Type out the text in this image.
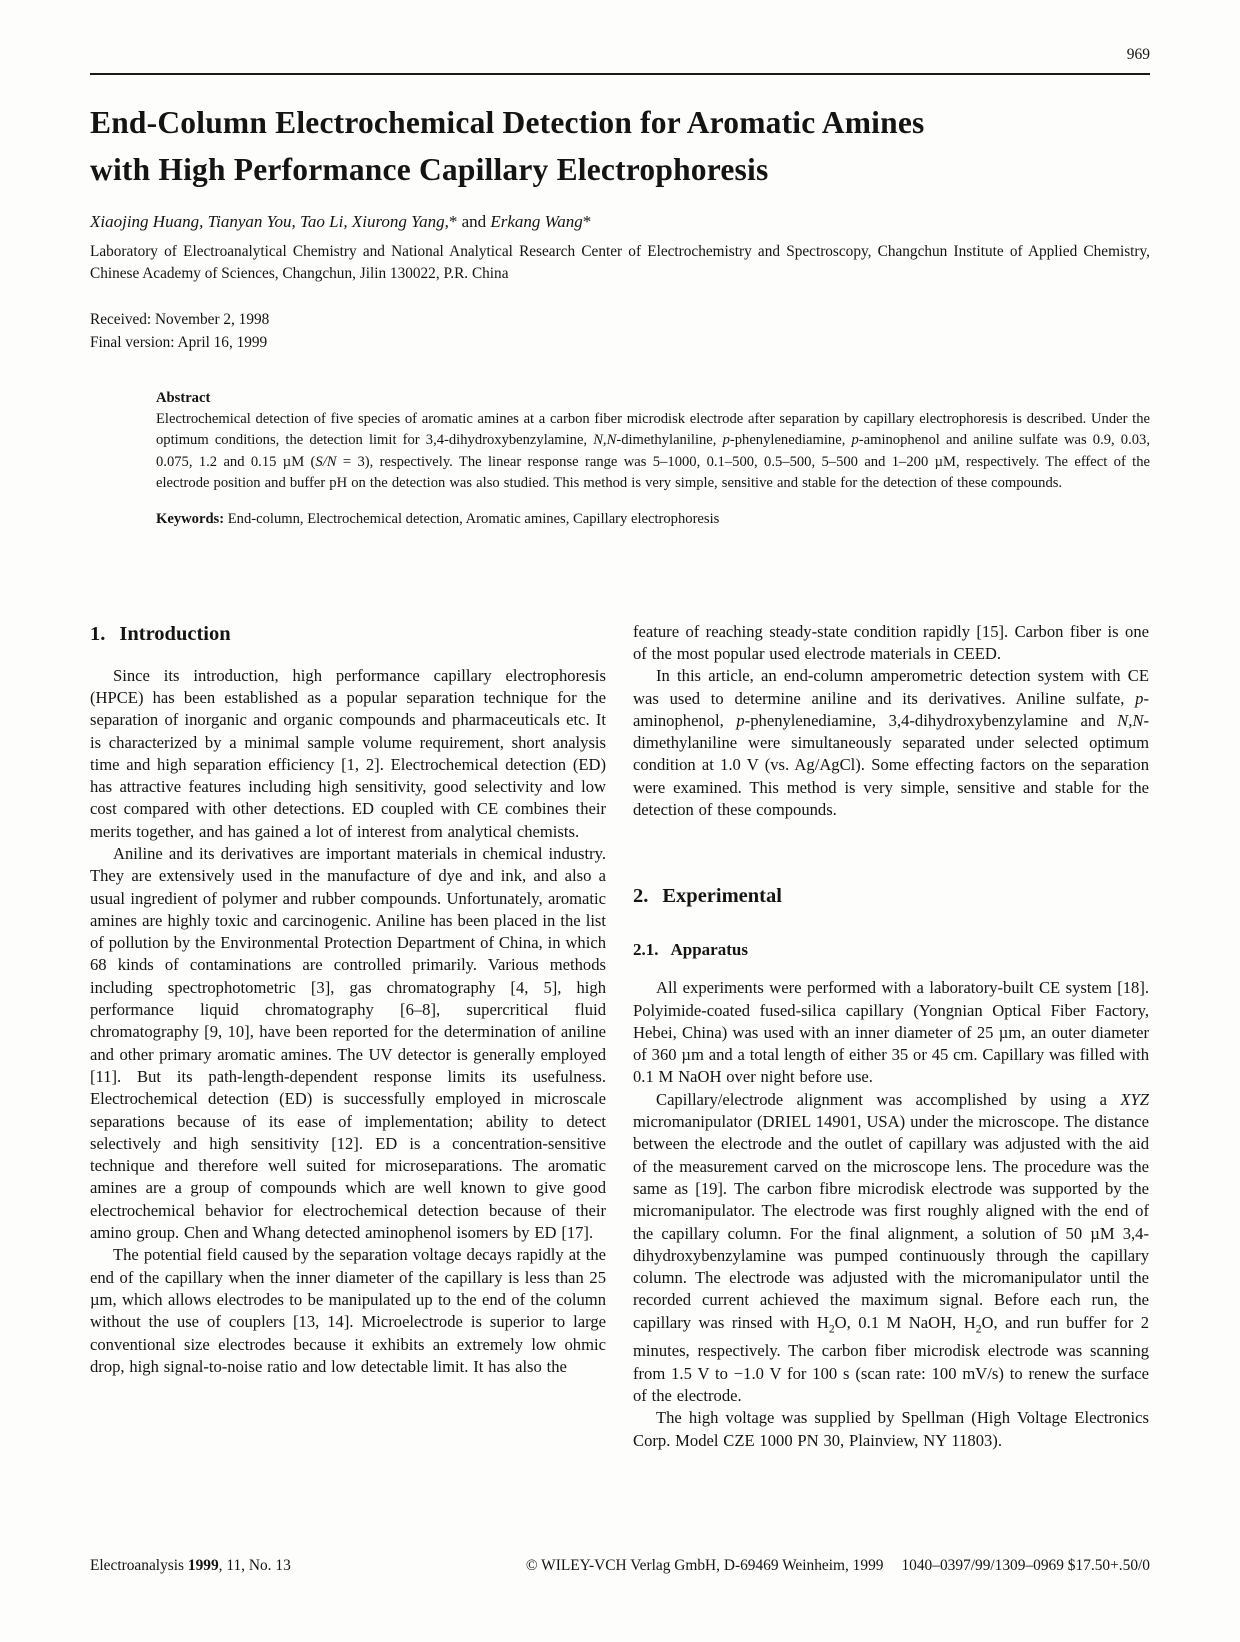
969
End-Column Electrochemical Detection for Aromatic Amines
with High Performance Capillary Electrophoresis
Xiaojing Huang, Tianyan You, Tao Li, Xiurong Yang,* and Erkang Wang*
Laboratory of Electroanalytical Chemistry and National Analytical Research Center of Electrochemistry and Spectroscopy, Changchun Institute of Applied Chemistry, Chinese Academy of Sciences, Changchun, Jilin 130022, P.R. China
Received: November 2, 1998
Final version: April 16, 1999

Abstract

Electrochemical detection of five species of aromatic amines at a carbon fiber microdisk electrode after separation by capillary electrophoresis is described. Under the optimum conditions, the detection limit for 3,4-dihydroxybenzylamine, N,N-dimethylaniline, p-phenylenediamine, p-aminophenol and aniline sulfate was 0.9, 0.03, 0.075, 1.2 and 0.15 µM (S/N = 3), respectively. The linear response range was 5–1000, 0.1–500, 0.5–500, 5–500 and 1–200 µM, respectively. The effect of the electrode position and buffer pH on the detection was also studied. This method is very simple, sensitive and stable for the detection of these compounds.

Keywords: End-column, Electrochemical detection, Aromatic amines, Capillary electrophoresis

1. Introduction

Since its introduction, high performance capillary electrophoresis (HPCE) has been established as a popular separation technique for the separation of inorganic and organic compounds and pharmaceuticals etc. It is characterized by a minimal sample volume requirement, short analysis time and high separation efficiency [1, 2]. Electrochemical detection (ED) has attractive features including high sensitivity, good selectivity and low cost compared with other detections. ED coupled with CE combines their merits together, and has gained a lot of interest from analytical chemists.

Aniline and its derivatives are important materials in chemical industry. They are extensively used in the manufacture of dye and ink, and also a usual ingredient of polymer and rubber compounds. Unfortunately, aromatic amines are highly toxic and carcinogenic. Aniline has been placed in the list of pollution by the Environmental Protection Department of China, in which 68 kinds of contaminations are controlled primarily. Various methods including spectrophotometric [3], gas chromatography [4, 5], high performance liquid chromatography [6–8], supercritical fluid chromatography [9, 10], have been reported for the determination of aniline and other primary aromatic amines. The UV detector is generally employed [11]. But its path-length-dependent response limits its usefulness. Electrochemical detection (ED) is successfully employed in microscale separations because of its ease of implementation; ability to detect selectively and high sensitivity [12]. ED is a concentration-sensitive technique and therefore well suited for microseparations. The aromatic amines are a group of compounds which are well known to give good electrochemical behavior for electrochemical detection because of their amino group. Chen and Whang detected aminophenol isomers by ED [17].

The potential field caused by the separation voltage decays rapidly at the end of the capillary when the inner diameter of the capillary is less than 25 µm, which allows electrodes to be manipulated up to the end of the column without the use of couplers [13, 14]. Microelectrode is superior to large conventional size electrodes because it exhibits an extremely low ohmic drop, high signal-to-noise ratio and low detectable limit. It has also the

feature of reaching steady-state condition rapidly [15]. Carbon fiber is one of the most popular used electrode materials in CEED.

In this article, an end-column amperometric detection system with CE was used to determine aniline and its derivatives. Aniline sulfate, p-aminophenol, p-phenylenediamine, 3,4-dihydroxybenzylamine and N,N-dimethylaniline were simultaneously separated under selected optimum condition at 1.0 V (vs. Ag/AgCl). Some effecting factors on the separation were examined. This method is very simple, sensitive and stable for the detection of these compounds.

2. Experimental
2.1. Apparatus

All experiments were performed with a laboratory-built CE system [18]. Polyimide-coated fused-silica capillary (Yongnian Optical Fiber Factory, Hebei, China) was used with an inner diameter of 25 µm, an outer diameter of 360 µm and a total length of either 35 or 45 cm. Capillary was filled with 0.1 M NaOH over night before use.

Capillary/electrode alignment was accomplished by using a XYZ micromanipulator (DRIEL 14901, USA) under the microscope. The distance between the electrode and the outlet of capillary was adjusted with the aid of the measurement carved on the microscope lens. The procedure was the same as [19]. The carbon fibre microdisk electrode was supported by the micromanipulator. The electrode was first roughly aligned with the end of the capillary column. For the final alignment, a solution of 50 µM 3,4-dihydroxybenzylamine was pumped continuously through the capillary column. The electrode was adjusted with the micromanipulator until the recorded current achieved the maximum signal. Before each run, the capillary was rinsed with $H_2O$, 0.1 M NaOH, $H_2O$, and run buffer for 2 minutes, respectively. The carbon fiber microdisk electrode was scanning from 1.5 V to −1.0 V for 100 s (scan rate: 100 mV/s) to renew the surface of the electrode.

The high voltage was supplied by Spellman (High Voltage Electronics Corp. Model CZE 1000 PN 30, Plainview, NY 11803).

Electroanalysis 1999, 11, No. 13	© WILEY-VCH Verlag GmbH, D-69469 Weinheim, 1999 1040–0397/99/1309–0969 $17.50+.50/0
